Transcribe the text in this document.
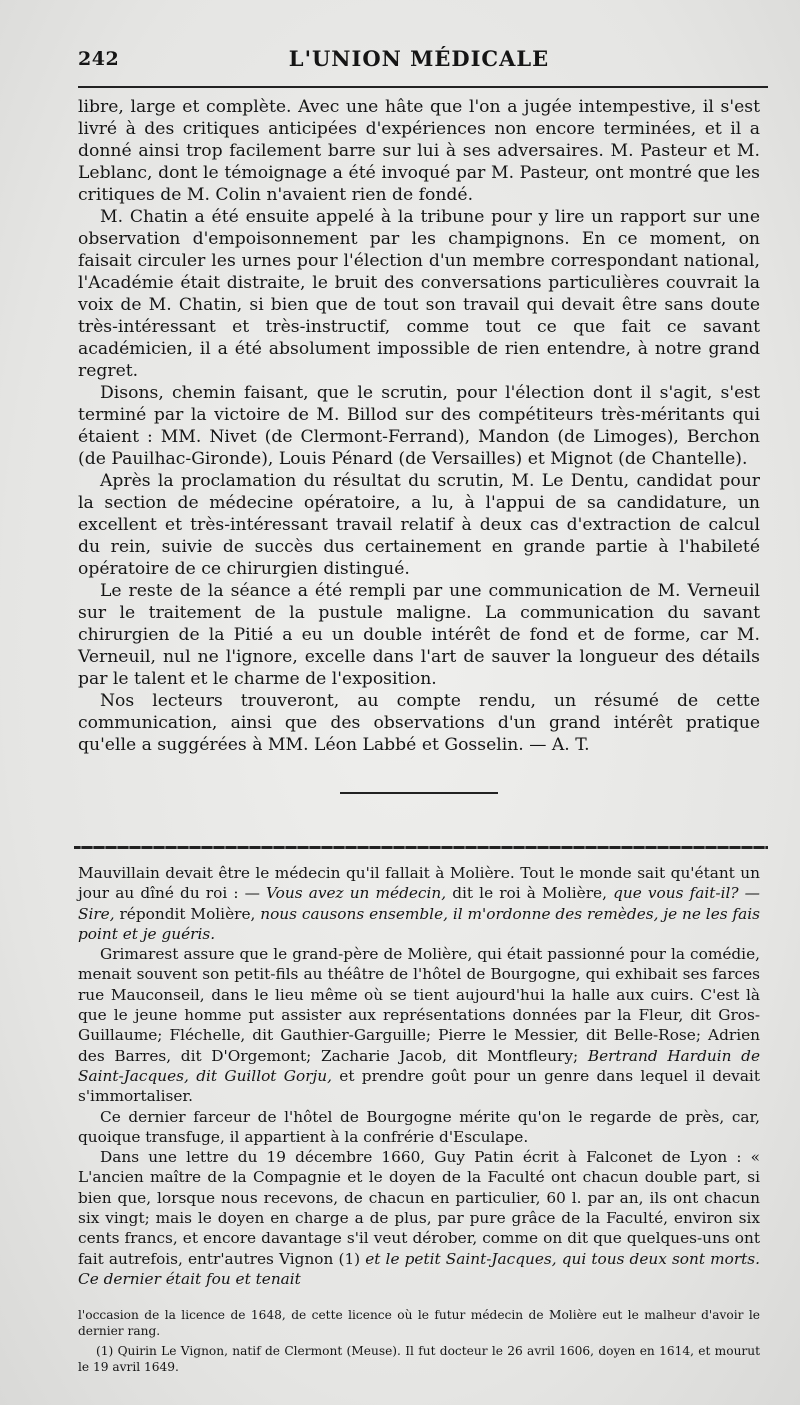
242	L'UNION MÉDICALE

libre, large et complète. Avec une hâte que l'on a jugée intempestive, il s'est livré à des critiques anticipées d'expériences non encore terminées, et il a donné ainsi trop facilement barre sur lui à ses adversaires. M. Pasteur et M. Leblanc, dont le témoignage a été invoqué par M. Pasteur, ont montré que les critiques de M. Colin n'avaient rien de fondé.

M. Chatin a été ensuite appelé à la tribune pour y lire un rapport sur une observation d'empoisonnement par les champignons. En ce moment, on faisait circuler les urnes pour l'élection d'un membre correspondant national, l'Académie était distraite, le bruit des conversations particulières couvrait la voix de M. Chatin, si bien que de tout son travail qui devait être sans doute très-intéressant et très-instructif, comme tout ce que fait ce savant académicien, il a été absolument impossible de rien entendre, à notre grand regret.

Disons, chemin faisant, que le scrutin, pour l'élection dont il s'agit, s'est terminé par la victoire de M. Billod sur des compétiteurs très-méritants qui étaient : MM. Nivet (de Clermont-Ferrand), Mandon (de Limoges), Berchon (de Pauilhac-Gironde), Louis Pénard (de Versailles) et Mignot (de Chantelle).

Après la proclamation du résultat du scrutin, M. Le Dentu, candidat pour la section de médecine opératoire, a lu, à l'appui de sa candidature, un excellent et très-intéressant travail relatif à deux cas d'extraction de calcul du rein, suivie de succès dus certainement en grande partie à l'habileté opératoire de ce chirurgien distingué.

Le reste de la séance a été rempli par une communication de M. Verneuil sur le traitement de la pustule maligne. La communication du savant chirurgien de la Pitié a eu un double intérêt de fond et de forme, car M. Verneuil, nul ne l'ignore, excelle dans l'art de sauver la longueur des détails par le talent et le charme de l'exposition.

Nos lecteurs trouveront, au compte rendu, un résumé de cette communication, ainsi que des observations d'un grand intérêt pratique qu'elle a suggérées à MM. Léon Labbé et Gosselin. — A. T.

Mauvillain devait être le médecin qu'il fallait à Molière. Tout le monde sait qu'étant un jour au dîné du roi : — Vous avez un médecin, dit le roi à Molière, que vous fait-il? — Sire, répondit Molière, nous causons ensemble, il m'ordonne des remèdes, je ne les fais point et je guéris.

Grimarest assure que le grand-père de Molière, qui était passionné pour la comédie, menait souvent son petit-fils au théâtre de l'hôtel de Bourgogne, qui exhibait ses farces rue Mauconseil, dans le lieu même où se tient aujourd'hui la halle aux cuirs. C'est là que le jeune homme put assister aux représentations données par la Fleur, dit Gros-Guillaume; Fléchelle, dit Gauthier-Garguille; Pierre le Messier, dit Belle-Rose; Adrien des Barres, dit D'Orgemont; Zacharie Jacob, dit Montfleury; Bertrand Harduin de Saint-Jacques, dit Guillot Gorju, et prendre goût pour un genre dans lequel il devait s'immortaliser.

Ce dernier farceur de l'hôtel de Bourgogne mérite qu'on le regarde de près, car, quoique transfuge, il appartient à la confrérie d'Esculape.

Dans une lettre du 19 décembre 1660, Guy Patin écrit à Falconet de Lyon : « L'ancien maître de la Compagnie et le doyen de la Faculté ont chacun double part, si bien que, lorsque nous recevons, de chacun en particulier, 60 l. par an, ils ont chacun six vingt; mais le doyen en charge a de plus, par pure grâce de la Faculté, environ six cents francs, et encore davantage s'il veut dérober, comme on dit que quelques-uns ont fait autrefois, entr'autres Vignon (1) et le petit Saint-Jacques, qui tous deux sont morts. Ce dernier était fou et tenait

l'occasion de la licence de 1648, de cette licence où le futur médecin de Molière eut le malheur d'avoir le dernier rang.

(1) Quirin Le Vignon, natif de Clermont (Meuse). Il fut docteur le 26 avril 1606, doyen en 1614, et mourut le 19 avril 1649.
